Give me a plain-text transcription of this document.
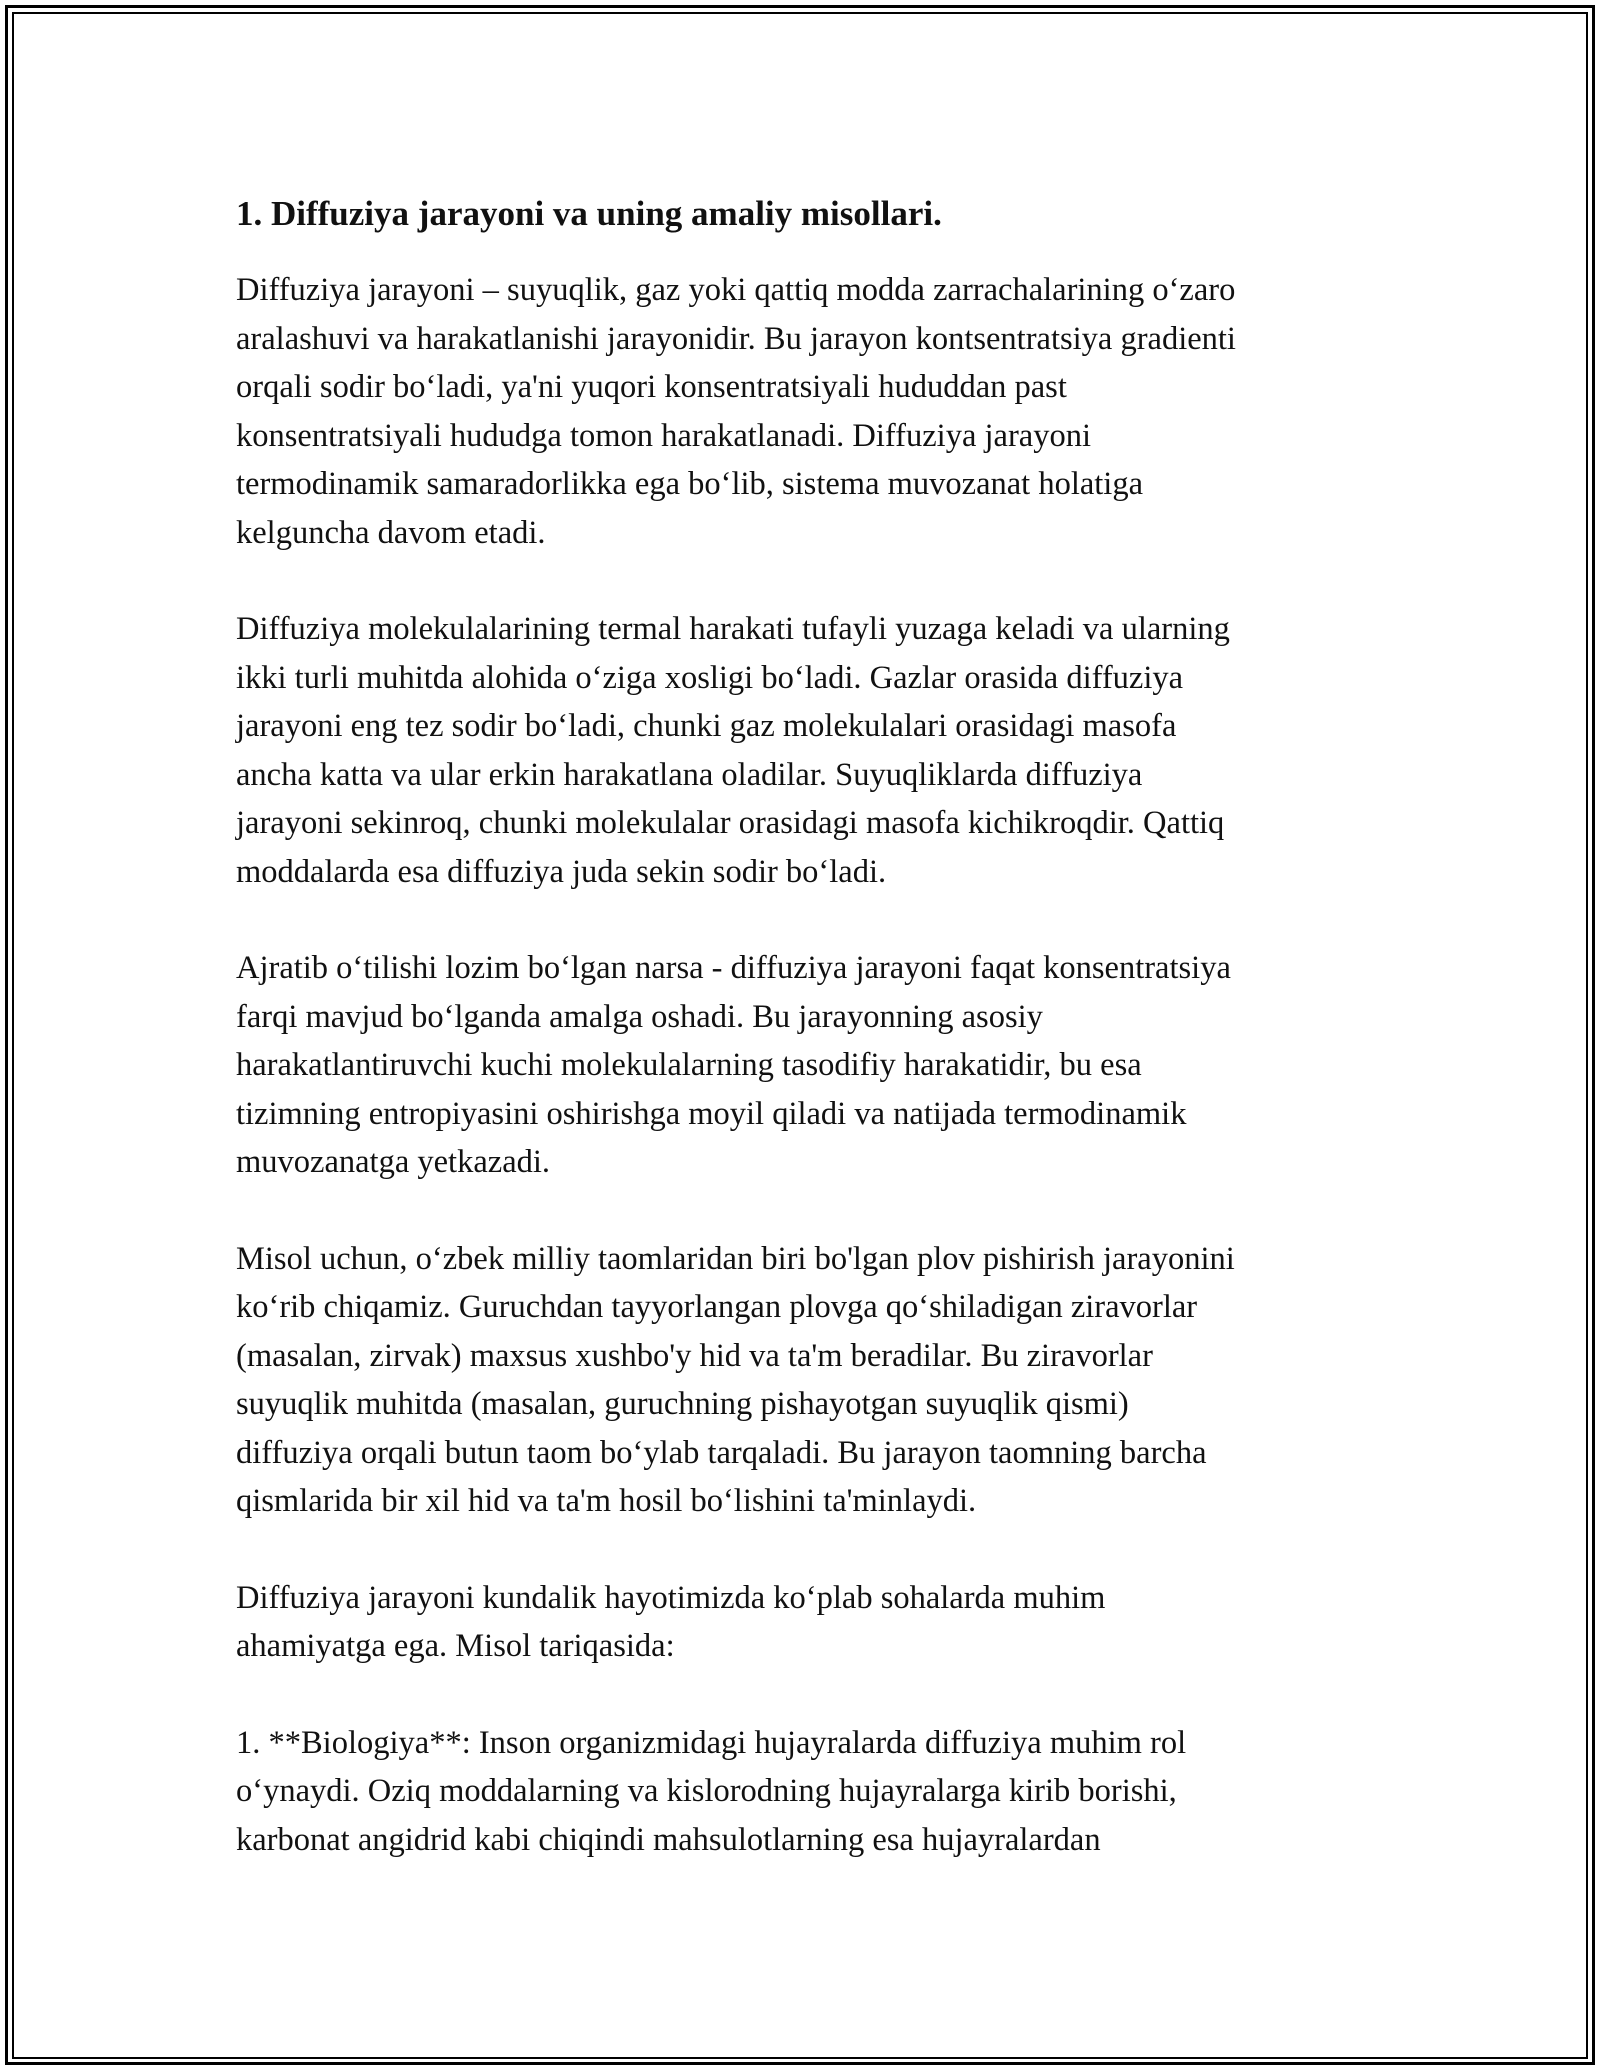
1. Diffuziya jarayoni va uning amaliy misollari.

Diffuziya jarayoni – suyuqlik, gaz yoki qattiq modda zarrachalarining o‘zaro
aralashuvi va harakatlanishi jarayonidir. Bu jarayon kontsentratsiya gradienti
orqali sodir bo‘ladi, ya'ni yuqori konsentratsiyali hududdan past
konsentratsiyali hududga tomon harakatlanadi. Diffuziya jarayoni
termodinamik samaradorlikka ega bo‘lib, sistema muvozanat holatiga
kelguncha davom etadi.

Diffuziya molekulalarining termal harakati tufayli yuzaga keladi va ularning
ikki turli muhitda alohida o‘ziga xosligi bo‘ladi. Gazlar orasida diffuziya
jarayoni eng tez sodir bo‘ladi, chunki gaz molekulalari orasidagi masofa
ancha katta va ular erkin harakatlana oladilar. Suyuqliklarda diffuziya
jarayoni sekinroq, chunki molekulalar orasidagi masofa kichikroqdir. Qattiq
moddalarda esa diffuziya juda sekin sodir bo‘ladi.

Ajratib o‘tilishi lozim bo‘lgan narsa - diffuziya jarayoni faqat konsentratsiya
farqi mavjud bo‘lganda amalga oshadi. Bu jarayonning asosiy
harakatlantiruvchi kuchi molekulalarning tasodifiy harakatidir, bu esa
tizimning entropiyasini oshirishga moyil qiladi va natijada termodinamik
muvozanatga yetkazadi.

Misol uchun, o‘zbek milliy taomlaridan biri bo'lgan plov pishirish jarayonini
ko‘rib chiqamiz. Guruchdan tayyorlangan plovga qo‘shiladigan ziravorlar
(masalan, zirvak) maxsus xushbo'y hid va ta'm beradilar. Bu ziravorlar
suyuqlik muhitda (masalan, guruchning pishayotgan suyuqlik qismi)
diffuziya orqali butun taom bo‘ylab tarqaladi. Bu jarayon taomning barcha
qismlarida bir xil hid va ta'm hosil bo‘lishini ta'minlaydi.

Diffuziya jarayoni kundalik hayotimizda ko‘plab sohalarda muhim
ahamiyatga ega. Misol tariqasida:

1. **Biologiya**: Inson organizmidagi hujayralarda diffuziya muhim rol
o‘ynaydi. Oziq moddalarning va kislorodning hujayralarga kirib borishi,
karbonat angidrid kabi chiqindi mahsulotlarning esa hujayralardan
